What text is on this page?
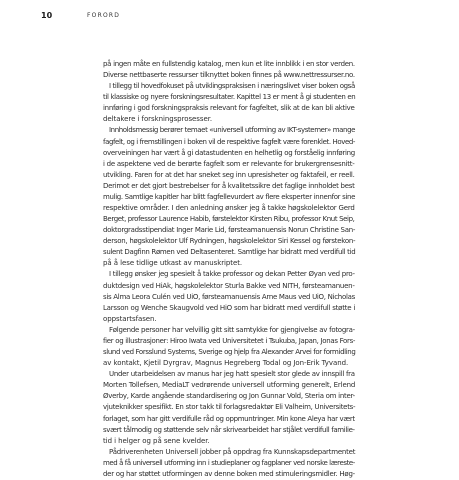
10	FORORD
på ingen måte en fullstendig katalog, men kun et lite innblikk i en stor verden.
Diverse nettbaserte ressurser tilknyttet boken finnes på www.nettressurser.no.
I tillegg til hovedfokuset på utviklingspraksisen i næringslivet viser boken også
til klassiske og nyere forskningsresultater. Kapittel 13 er ment å gi studenten en
innføring i god forskningspraksis relevant for fagfeltet, slik at de kan bli aktive
deltakere i forskningsprosesser.
Innholdsmessig berører temaet «universell utforming av IKT-systemer» mange
fagfelt, og i fremstillingen i boken vil de respektive fagfelt være forenklet. Hoved-
overveiningen har vært å gi datastudenten en helhetlig og forståelig innføring
i de aspektene ved de berørte fagfelt som er relevante for brukergrensesnitt-
utvikling. Faren for at det har sneket seg inn upresisheter og faktafeil, er reell.
Derimot er det gjort bestrebelser for å kvalitetssikre det faglige innholdet best
mulig. Samtlige kapitler har blitt fagfellevurdert av flere eksperter innenfor sine
respektive områder. I den anledning ønsker jeg å takke høgskolelektor Gerd
Berget, professor Laurence Habib, førstelektor Kirsten Ribu, professor Knut Seip,
doktorgradsstipendiat Inger Marie Lid, førsteamanuensis Norun Christine San-
derson, høgskolelektor Ulf Rydningen, høgskolelektor Siri Kessel og førstekon-
sulent Dagfinn Rømen ved Deltasenteret. Samtlige har bidratt med verdifull tid
på å lese tidlige utkast av manuskriptet.
I tillegg ønsker jeg spesielt å takke professor og dekan Petter Øyan ved pro-
duktdesign ved HiAk, høgskolelektor Sturla Bakke ved NITH, førsteamanuen-
sis Alma Leora Culén ved UiO, førsteamanuensis Arne Maus ved UiO, Nicholas
Larsson og Wenche Skaugvold ved HiO som har bidratt med verdifull støtte i
oppstartsfasen.
Følgende personer har velvillig gitt sitt samtykke for gjengivelse av fotogra-
fier og illustrasjoner: Hiroo Iwata ved Universitetet i Tsukuba, Japan, Jonas Fors-
slund ved Forsslund Systems, Sverige og hjelp fra Alexander Arvei for formidling
av kontakt, Kjetil Dyrgrav, Magnus Hegreberg Todal og Jon-Erik Tyvand.
Under utarbeidelsen av manus har jeg hatt spesielt stor glede av innspill fra
Morten Tollefsen, MediaLT vedrørende universell utforming generelt, Erlend
Øverby, Karde angående standardisering og Jon Gunnar Vold, Steria om inter-
vjuteknikker spesifikt. En stor takk til forlagsredaktør Eli Valheim, Universitets-
forlaget, som har gitt verdifulle råd og oppmuntringer. Min kone Aleya har vært
svært tålmodig og støttende selv når skrivearbeidet har stjålet verdifull familie-
tid i helger og på sene kvelder.
Pådriverenheten Universell jobber på oppdrag fra Kunnskapsdepartmentet
med å få universell utforming inn i studieplaner og fagplaner ved norske læreste-
der og har støttet utformingen av denne boken med stimuleringsmidler. Høg-
